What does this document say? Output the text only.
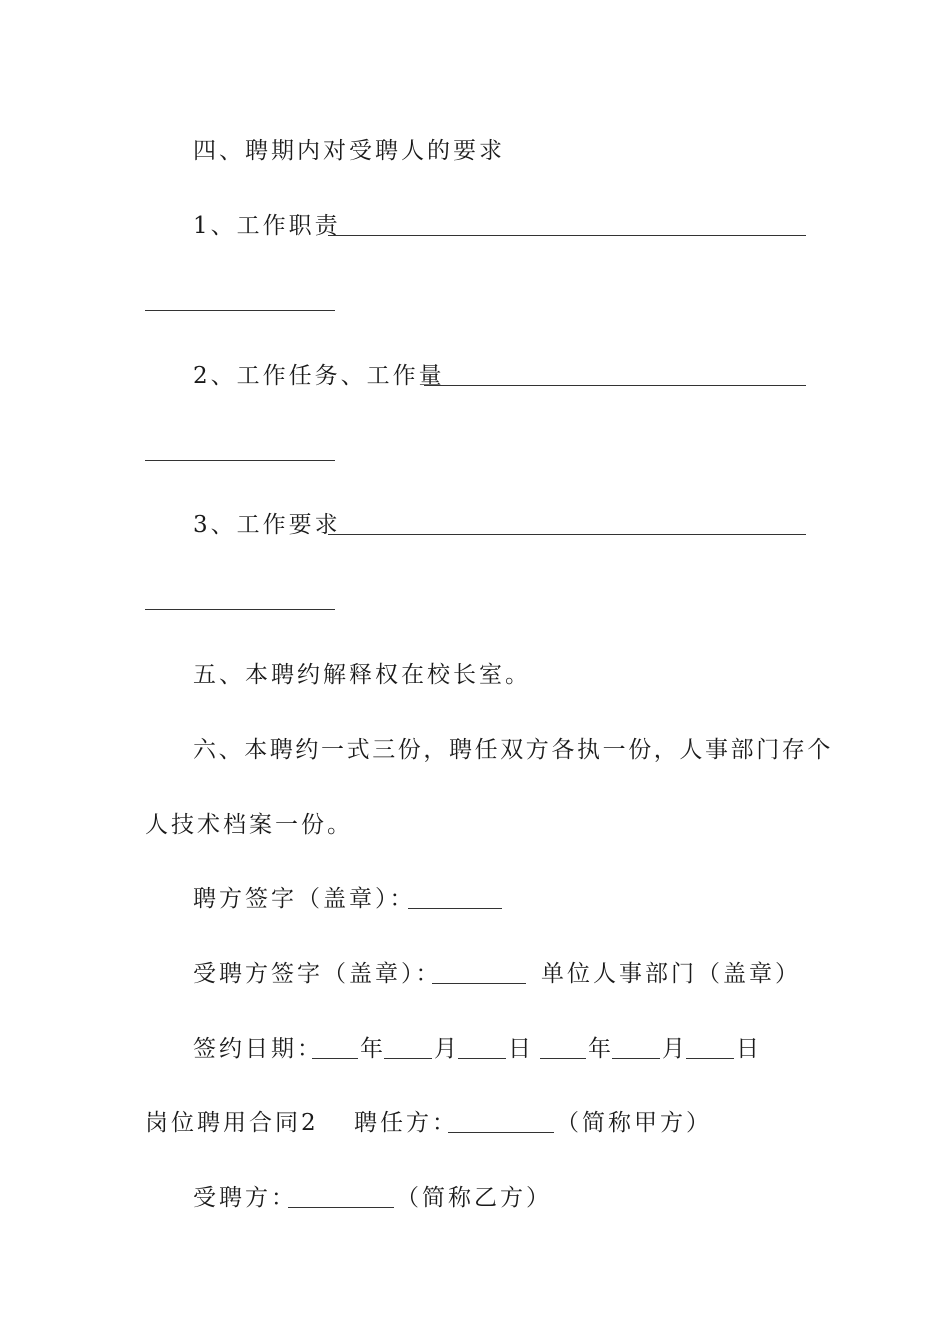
四、聘期内对受聘人的要求
1、工作职责
2、工作任务、工作量
3、工作要求
五、本聘约解释权在校长室。
六、本聘约一式三份，聘任双方各执一份，人事部门存个
人技术档案一份。
聘方签字（盖章）：
受聘方签字（盖章）：	单位人事部门（盖章）
签约日期： 年 月 日 年 月 日
岗位聘用合同2 聘任方：	（简称甲方）
受聘方：	（简称乙方）
